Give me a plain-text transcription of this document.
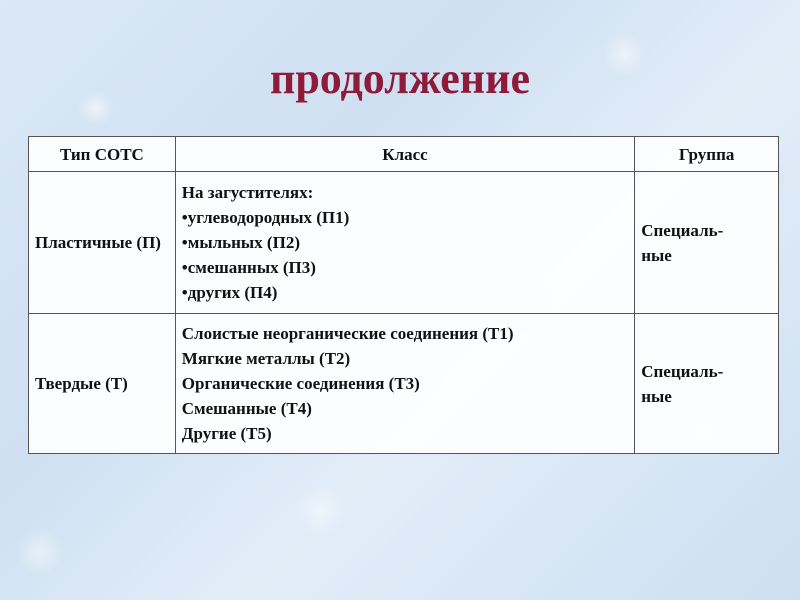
продолжение
Тип СОТС	Класс	Группа
Пластичные (П)	На загустителях:
•углеводородных (П1)
•мыльных (П2)
•смешанных (П3)
•других (П4)	Специаль-
ные

Твердые (Т)	Слоистые неорганические соединения (Т1)
Мягкие металлы (Т2)
Органические соединения (Т3)
Смешанные (Т4)
Другие (Т5)	Специаль-
ные
